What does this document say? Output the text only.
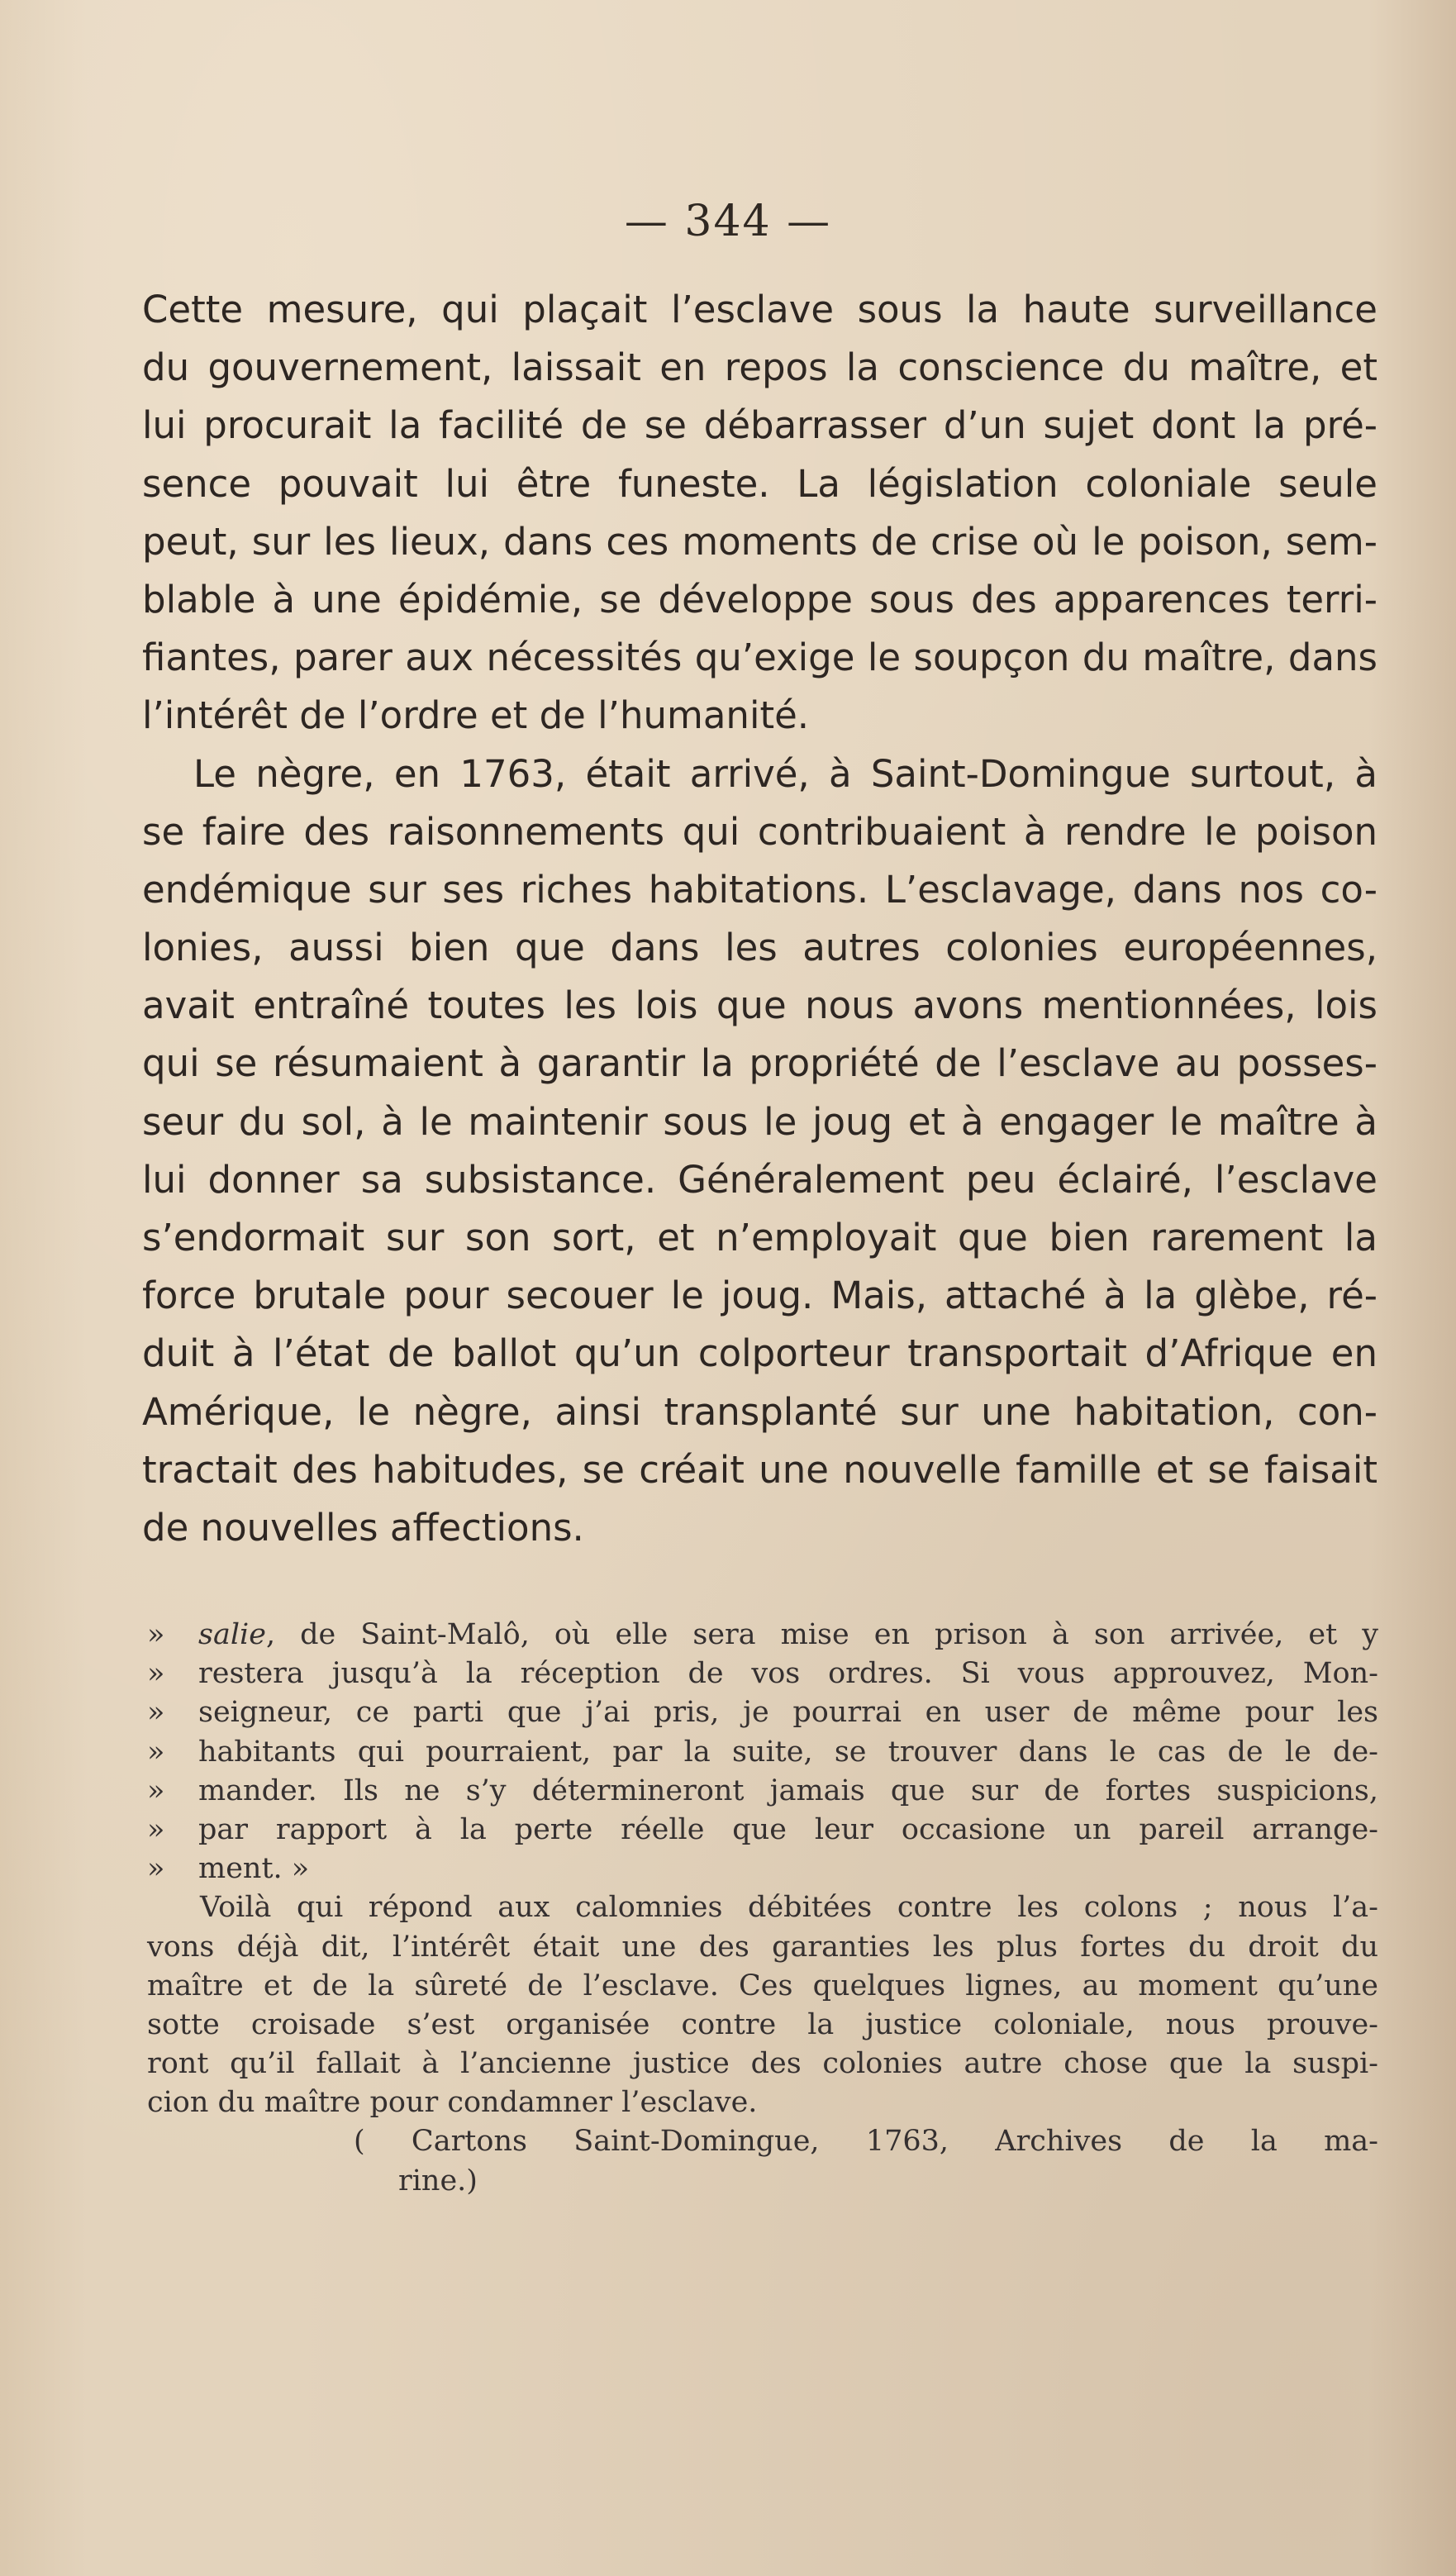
— 344 —
Cette mesure, qui plaçait l’esclave sous la haute surveillance
du gouvernement, laissait en repos la conscience du maître, et
lui procurait la facilité de se débarrasser d’un sujet dont la pré-
sence pouvait lui être funeste. La législation coloniale seule
peut, sur les lieux, dans ces moments de crise où le poison, sem-
blable à une épidémie, se développe sous des apparences terri-
fiantes, parer aux nécessités qu’exige le soupçon du maître, dans
l’intérêt de l’ordre et de l’humanité.
Le nègre, en 1763, était arrivé, à Saint-Domingue surtout, à
se faire des raisonnements qui contribuaient à rendre le poison
endémique sur ses riches habitations. L’esclavage, dans nos co-
lonies, aussi bien que dans les autres colonies européennes,
avait entraîné toutes les lois que nous avons mentionnées, lois
qui se résumaient à garantir la propriété de l’esclave au posses-
seur du sol, à le maintenir sous le joug et à engager le maître à
lui donner sa subsistance. Généralement peu éclairé, l’esclave
s’endormait sur son sort, et n’employait que bien rarement la
force brutale pour secouer le joug. Mais, attaché à la glèbe, ré-
duit à l’état de ballot qu’un colporteur transportait d’Afrique en
Amérique, le nègre, ainsi transplanté sur une habitation, con-
tractait des habitudes, se créait une nouvelle famille et se faisait
de nouvelles affections.
» salie, de Saint-Malô, où elle sera mise en prison à son arrivée, et y
» restera jusqu’à la réception de vos ordres. Si vous approuvez, Mon-
» seigneur, ce parti que j’ai pris, je pourrai en user de même pour les
» habitants qui pourraient, par la suite, se trouver dans le cas de le de-
» mander. Ils ne s’y détermineront jamais que sur de fortes suspicions,
» par rapport à la perte réelle que leur occasione un pareil arrange-
» ment. »
Voilà qui répond aux calomnies débitées contre les colons ; nous l’a-
vons déjà dit, l’intérêt était une des garanties les plus fortes du droit du
maître et de la sûreté de l’esclave. Ces quelques lignes, au moment qu’une
sotte croisade s’est organisée contre la justice coloniale, nous prouve-
ront qu’il fallait à l’ancienne justice des colonies autre chose que la suspi-
cion du maître pour condamner l’esclave.
( Cartons Saint-Domingue, 1763, Archives de la ma-
rine.)
